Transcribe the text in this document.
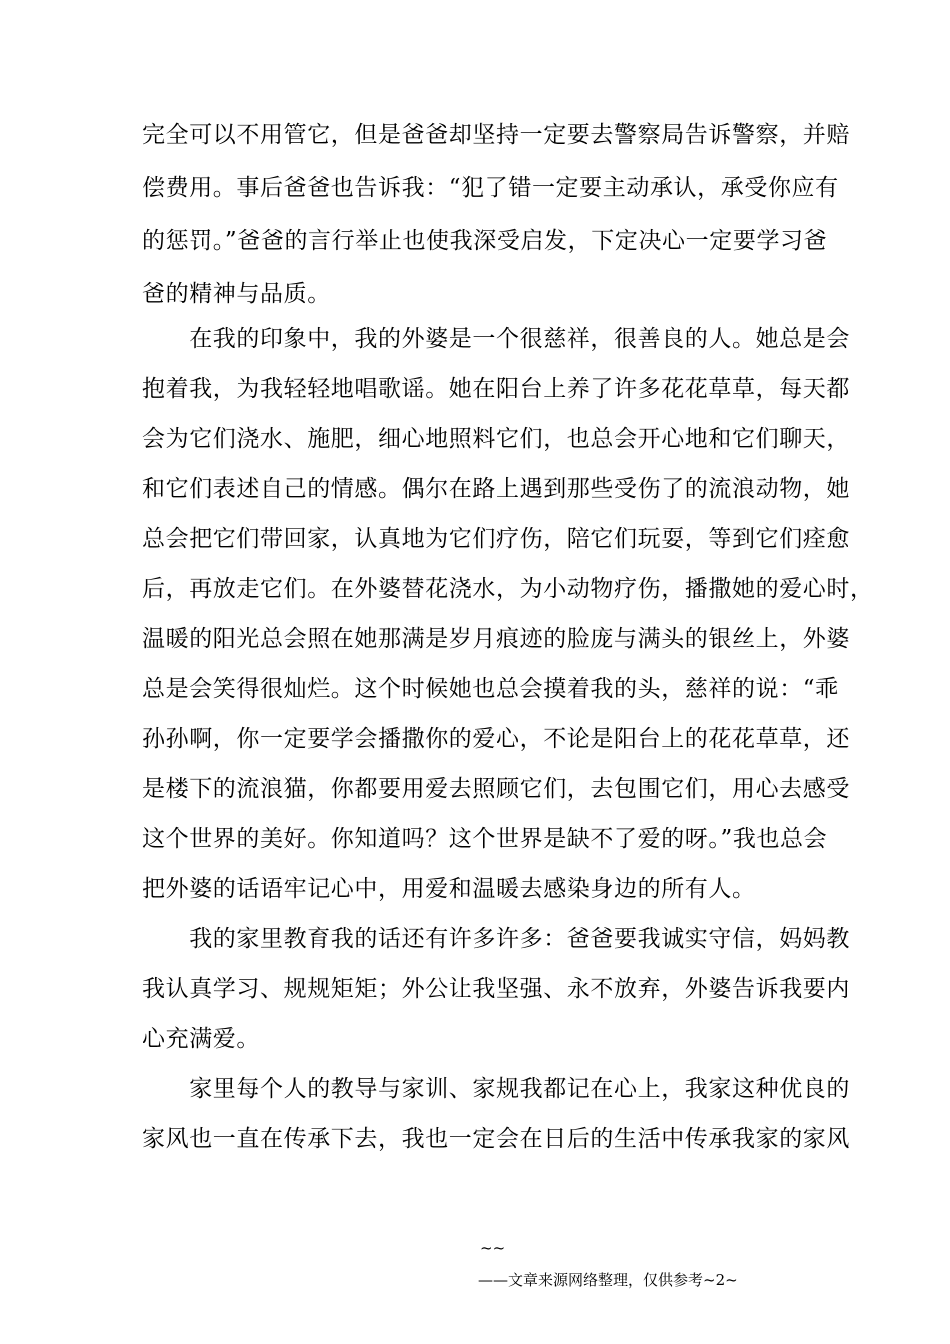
完全可以不用管它，但是爸爸却坚持一定要去警察局告诉警察，并赔
偿费用。事后爸爸也告诉我：“犯了错一定要主动承认，承受你应有
的惩罚。”爸爸的言行举止也使我深受启发，下定决心一定要学习爸
爸的精神与品质。
　　在我的印象中，我的外婆是一个很慈祥，很善良的人。她总是会
抱着我，为我轻轻地唱歌谣。她在阳台上养了许多花花草草，每天都
会为它们浇水、施肥，细心地照料它们，也总会开心地和它们聊天，
和它们表述自己的情感。偶尔在路上遇到那些受伤了的流浪动物，她
总会把它们带回家，认真地为它们疗伤，陪它们玩耍，等到它们痊愈
后，再放走它们。在外婆替花浇水，为小动物疗伤，播撒她的爱心时，
温暖的阳光总会照在她那满是岁月痕迹的脸庞与满头的银丝上，外婆
总是会笑得很灿烂。这个时候她也总会摸着我的头，慈祥的说：“乖
孙孙啊，你一定要学会播撒你的爱心，不论是阳台上的花花草草，还
是楼下的流浪猫，你都要用爱去照顾它们，去包围它们，用心去感受
这个世界的美好。你知道吗？这个世界是缺不了爱的呀。”我也总会
把外婆的话语牢记心中，用爱和温暖去感染身边的所有人。
　　我的家里教育我的话还有许多许多：爸爸要我诚实守信，妈妈教
我认真学习、规规矩矩；外公让我坚强、永不放弃，外婆告诉我要内
心充满爱。
　　家里每个人的教导与家训、家规我都记在心上，我家这种优良的
家风也一直在传承下去，我也一定会在日后的生活中传承我家的家风
~~
——文章来源网络整理，仅供参考~2~
